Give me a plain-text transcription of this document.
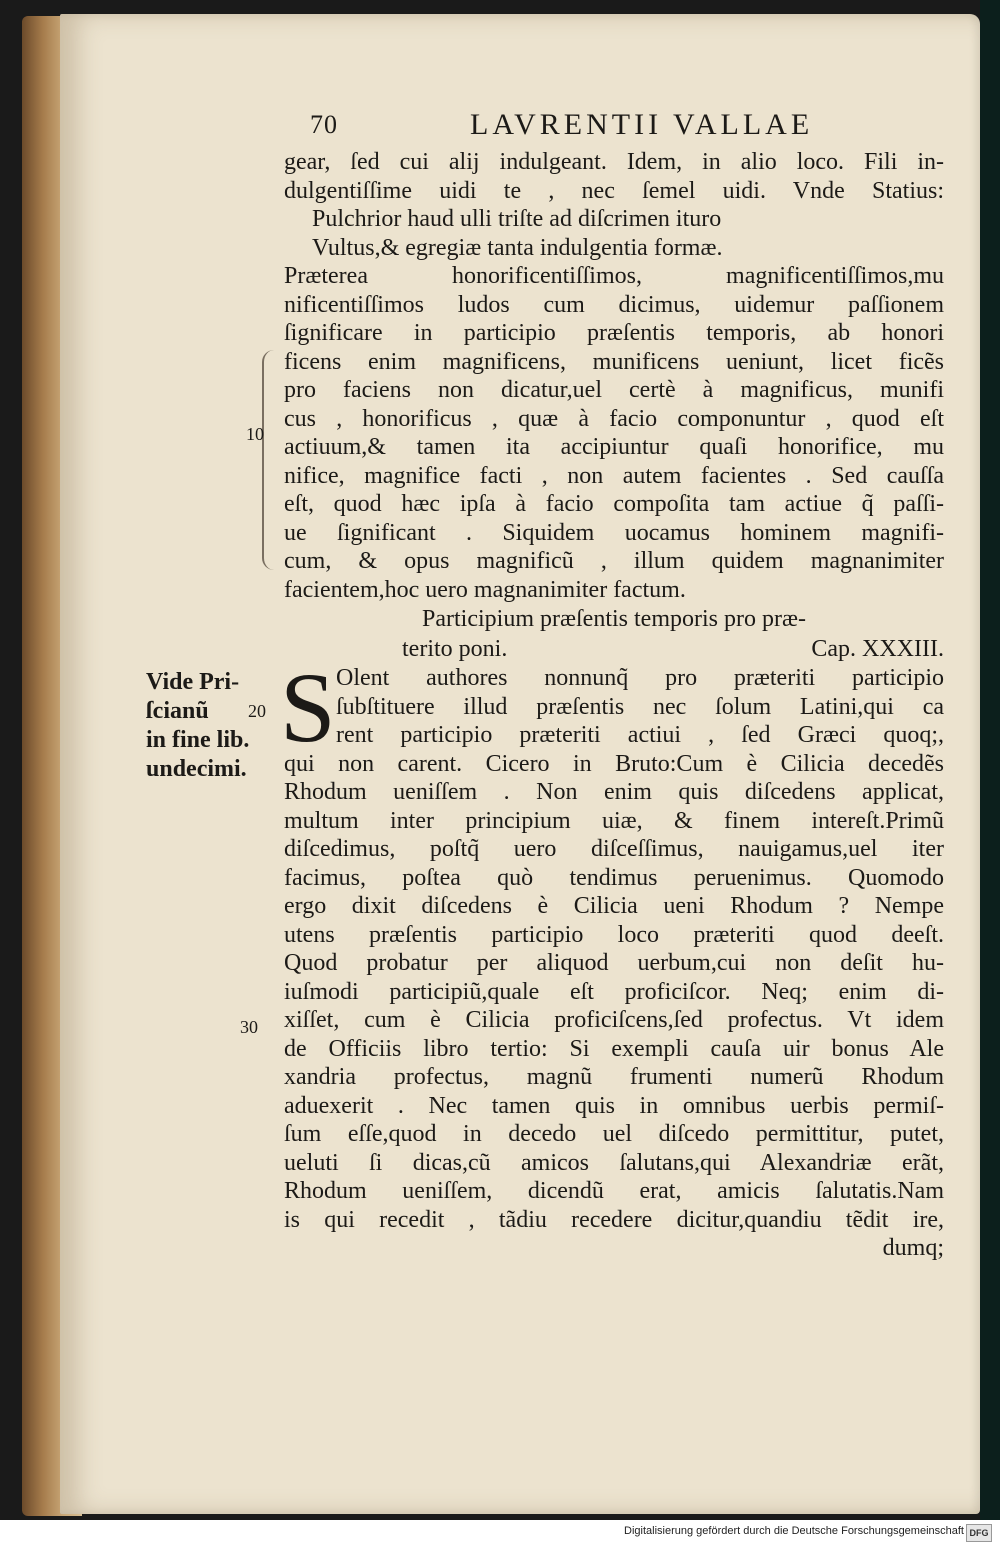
70	LAVRENTII VALLAE
10
30
Vide Pri-
ſcianũ 20
in fine lib.
undecimi.
gear, ſed cui alij indulgeant. Idem, in alio loco. Fili in-
dulgentiſſime uidi te , nec ſemel uidi. Vnde Statius:
Pulchrior haud ulli triſte ad diſcrimen ituro
Vultus,& egregiæ tanta indulgentia formæ.
Præterea honorificentiſſimos, magnificentiſſimos,mu
nificentiſſimos ludos cum dicimus, uidemur paſſionem
ſignificare in participio præſentis temporis, ab honori
ficens enim magnificens, munificens ueniunt, licet ficẽs
pro faciens non dicatur,uel certè à magnificus, munifi
cus , honorificus , quæ à facio componuntur , quod eſt
actiuum,& tamen ita accipiuntur quaſi honorifice, mu
nifice, magnifice facti , non autem facientes . Sed cauſſa
eſt, quod hæc ipſa à facio compoſita tam actiue q̃ paſſi-
ue ſignificant . Siquidem uocamus hominem magnifi-
cum, & opus magnificũ , illum quidem magnanimiter
facientem,hoc uero magnanimiter factum.
Participium præſentis temporis pro præ-
terito poni.	Cap. XXXIII.
S Olent authores nonnunq̃ pro præteriti participio
ſubſtituere illud præſentis nec ſolum Latini,qui ca
rent participio præteriti actiui , ſed Græci quoq;,
qui non carent. Cicero in Bruto:Cum è Cilicia decedẽs
Rhodum ueniſſem . Non enim quis diſcedens applicat,
multum inter principium uiæ, & finem intereſt.Primũ
diſcedimus, poſtq̃ uero diſceſſimus, nauigamus,uel iter
facimus, poſtea quò tendimus peruenimus. Quomodo
ergo dixit diſcedens è Cilicia ueni Rhodum ? Nempe
utens præſentis participio loco præteriti quod deeſt.
Quod probatur per aliquod uerbum,cui non deſit hu-
iuſmodi participiũ,quale eſt proficiſcor. Neq; enim di-
xiſſet, cum è Cilicia proficiſcens,ſed profectus. Vt idem
de Officiis libro tertio: Si exempli cauſa uir bonus Ale
xandria profectus, magnũ frumenti numerũ Rhodum
aduexerit . Nec tamen quis in omnibus uerbis permiſ-
ſum eſſe,quod in decedo uel diſcedo permittitur, putet,
ueluti ſi dicas,cũ amicos ſalutans,qui Alexandriæ erãt,
Rhodum ueniſſem, dicendũ erat, amicis ſalutatis.Nam
is qui recedit , tãdiu recedere dicitur,quandiu tẽdit ire,
dumq;
Digitalisierung gefördert durch die Deutsche Forschungsgemeinschaft DFG
